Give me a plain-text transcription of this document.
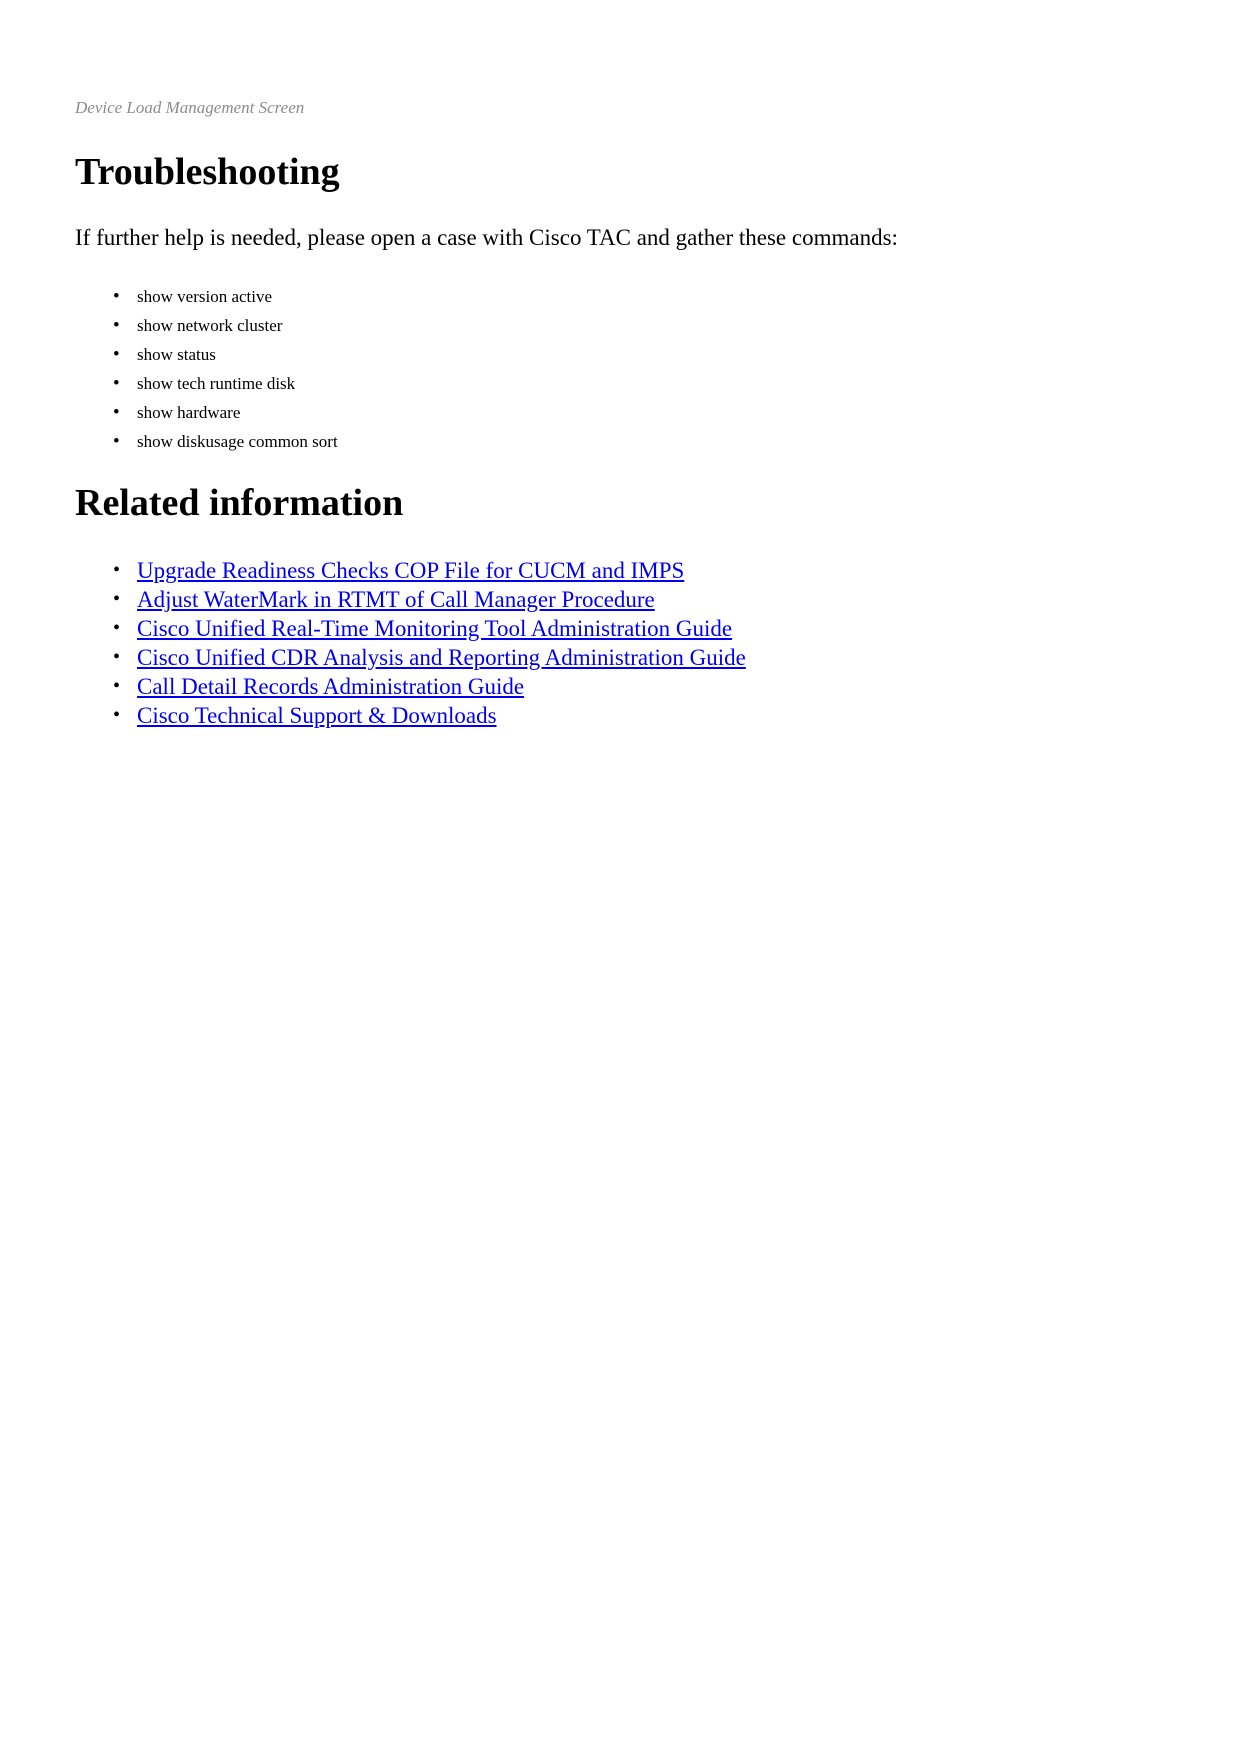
Device Load Management Screen
Troubleshooting
If further help is needed, please open a case with Cisco TAC and gather these commands:
• show version active
• show network cluster
• show status
• show tech runtime disk
• show hardware
• show diskusage common sort
Related information
• Upgrade Readiness Checks COP File for CUCM and IMPS
• Adjust WaterMark in RTMT of Call Manager Procedure
• Cisco Unified Real-Time Monitoring Tool Administration Guide
• Cisco Unified CDR Analysis and Reporting Administration Guide
• Call Detail Records Administration Guide
• Cisco Technical Support & Downloads
